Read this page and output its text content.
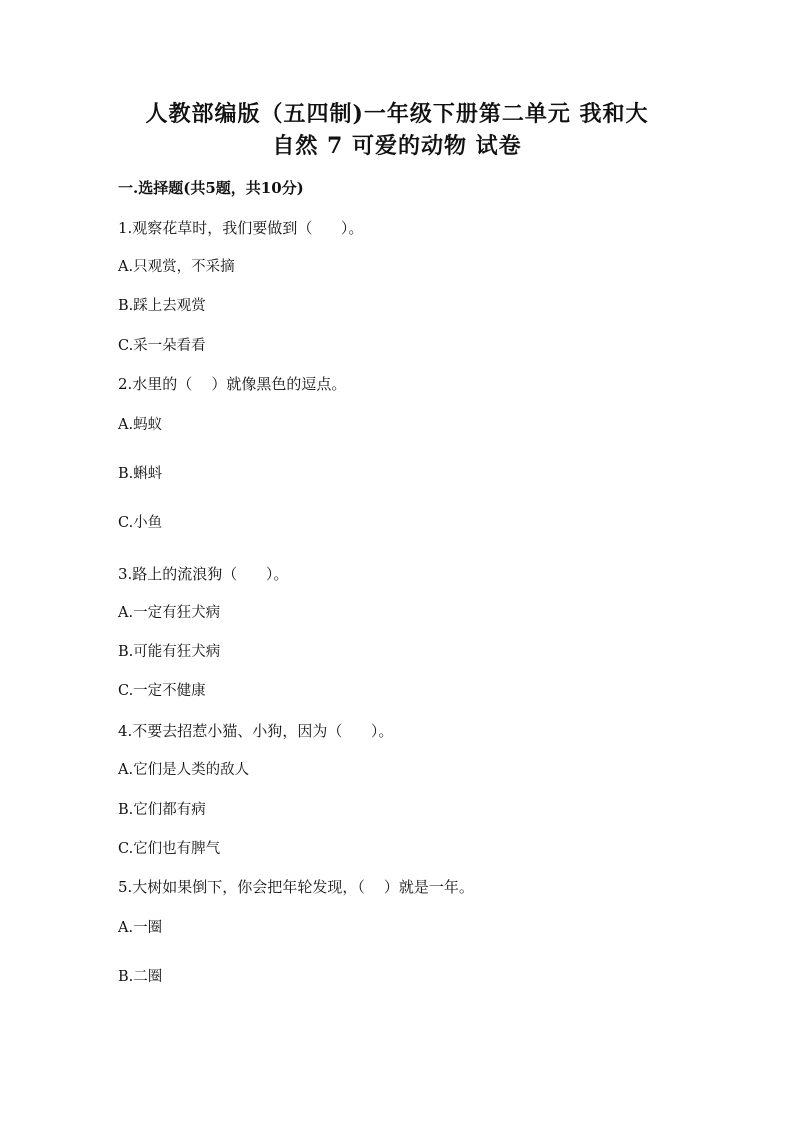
人教部编版（五四制)一年级下册第二单元 我和大
自然 7 可爱的动物 试卷

一.选择题(共5题，共10分)

1.观察花草时，我们要做到（      ）。

A.只观赏，不采摘

B.踩上去观赏

C.采一朵看看

2.水里的（    ）就像黑色的逗点。

A.蚂蚁

B.蝌蚪

C.小鱼

3.路上的流浪狗（      ）。

A.一定有狂犬病

B.可能有狂犬病

C.一定不健康

4.不要去招惹小猫、小狗，因为（      ）。

A.它们是人类的敌人

B.它们都有病

C.它们也有脾气

5.大树如果倒下，你会把年轮发现，（    ）就是一年。

A.一圈

B.二圈
